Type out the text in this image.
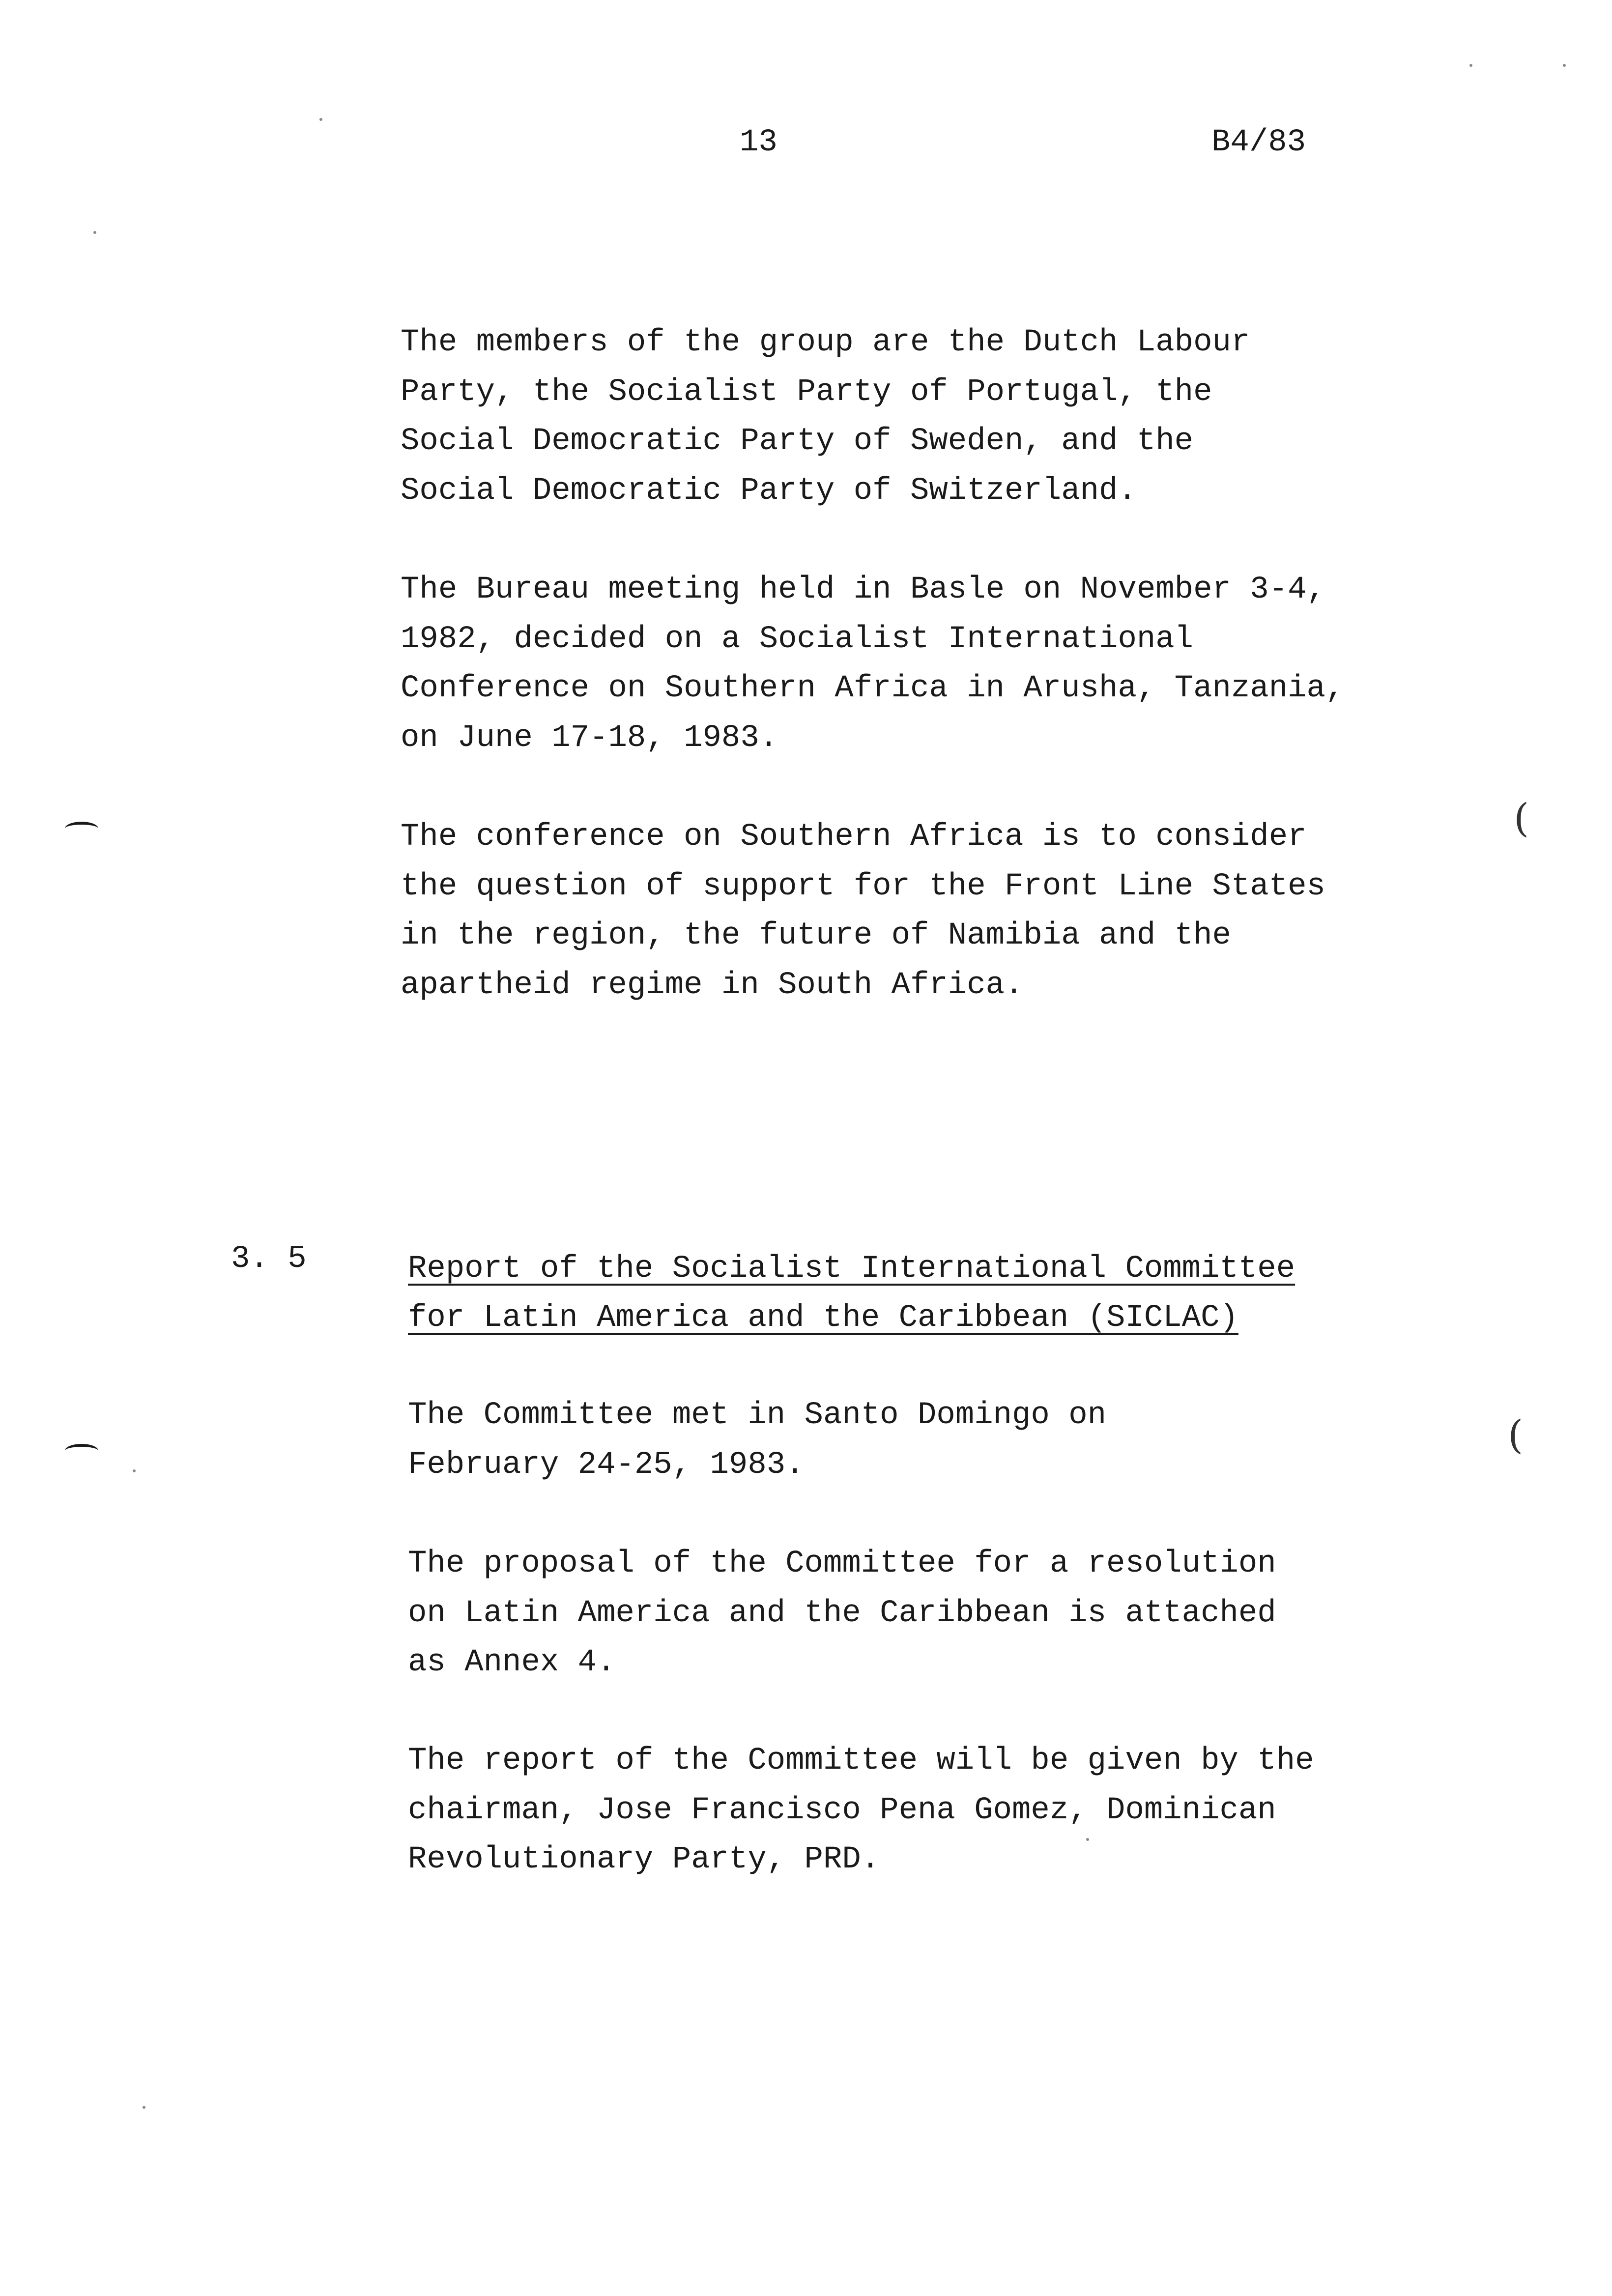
13	B4/83
The members of the group are the Dutch Labour
Party, the Socialist Party of Portugal, the
Social Democratic Party of Sweden, and the
Social Democratic Party of Switzerland.
The Bureau meeting held in Basle on November 3-4,
1982, decided on a Socialist International
Conference on Southern Africa in Arusha, Tanzania,
on June 17-18, 1983.
The conference on Southern Africa is to consider
the question of support for the Front Line States
in the region, the future of Namibia and the
apartheid regime in South Africa.
3. 5	Report of the Socialist International Committee
for Latin America and the Caribbean (SICLAC)
The Committee met in Santo Domingo on
February 24-25, 1983.
The proposal of the Committee for a resolution
on Latin America and the Caribbean is attached
as Annex 4.
The report of the Committee will be given by the
chairman, Jose Francisco Pena Gomez, Dominican
Revolutionary Party, PRD.
(
(
